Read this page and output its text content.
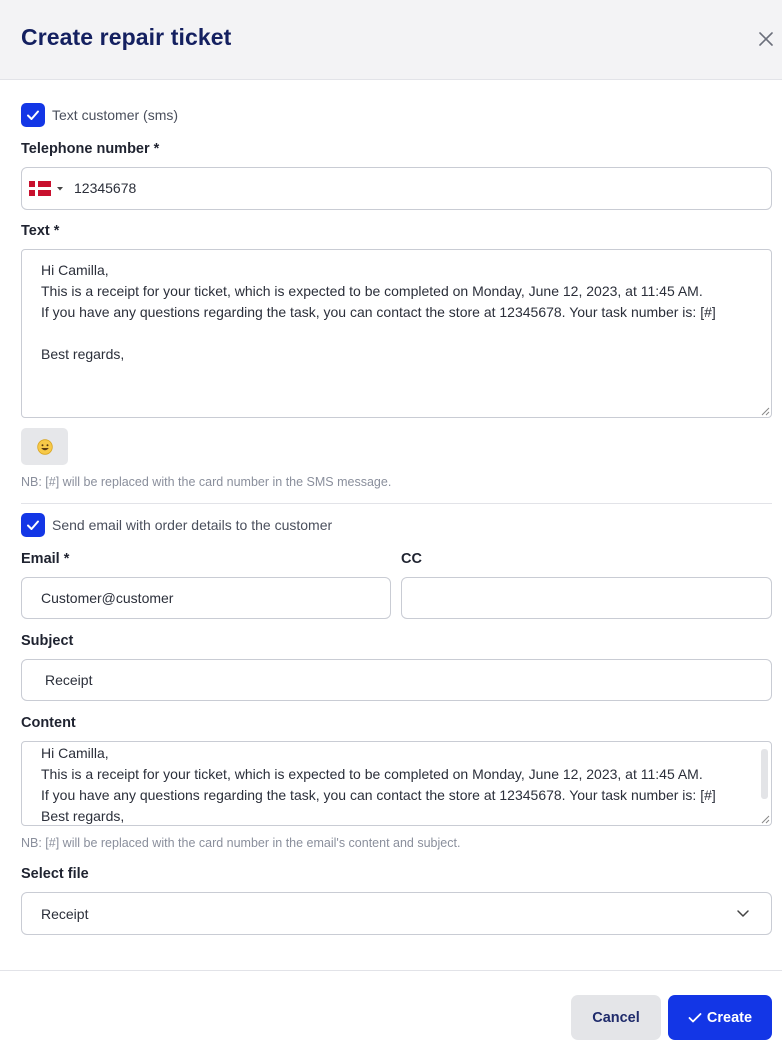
Create repair ticket
Text customer (sms)
Telephone number *
12345678
Text *
Hi Camilla,
This is a receipt for your ticket, which is expected to be completed on Monday, June 12, 2023, at 11:45 AM.
If you have any questions regarding the task, you can contact the store at 12345678. Your task number is: [#]
Best regards,
NB: [#] will be replaced with the card number in the SMS message.
Send email with order details to the customer
Email *	CC
Customer@customer
Subject
Receipt
Content
Hi Camilla,
This is a receipt for your ticket, which is expected to be completed on Monday, June 12, 2023, at 11:45 AM.
If you have any questions regarding the task, you can contact the store at 12345678. Your task number is: [#]
Best regards,
NB: [#] will be replaced with the card number in the email's content and subject.
Select file
Receipt
Cancel	Create
